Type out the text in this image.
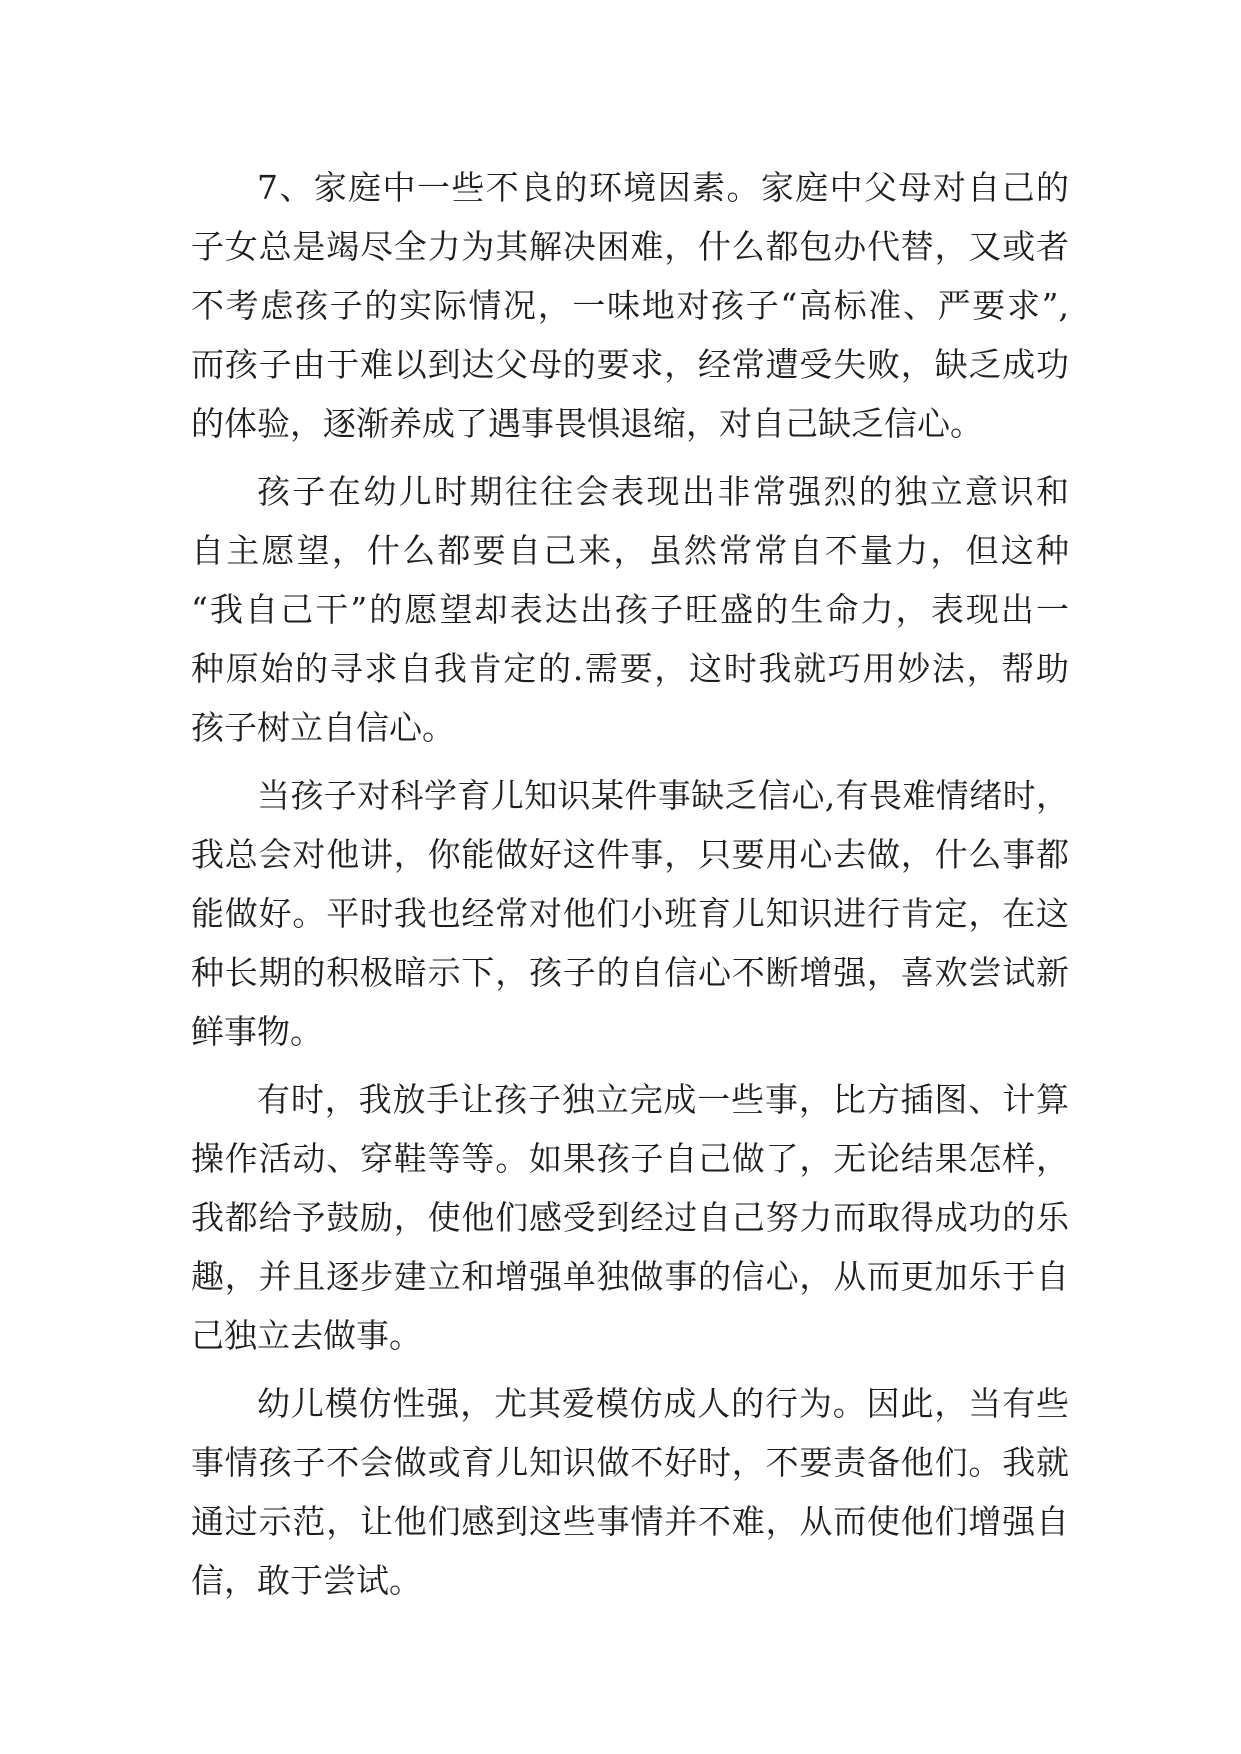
7、家庭中一些不良的环境因素。家庭中父母对自己的
子女总是竭尽全力为其解决困难，什么都包办代替，又或者
不考虑孩子的实际情况，一味地对孩子“高标准、严要求”,
而孩子由于难以到达父母的要求，经常遭受失败，缺乏成功
的体验，逐渐养成了遇事畏惧退缩，对自己缺乏信心。
孩子在幼儿时期往往会表现出非常强烈的独立意识和
自主愿望，什么都要自己来，虽然常常自不量力，但这种
“我自己干”的愿望却表达出孩子旺盛的生命力，表现出一
种原始的寻求自我肯定的.需要，这时我就巧用妙法，帮助
孩子树立自信心。
当孩子对科学育儿知识某件事缺乏信心,有畏难情绪时，
我总会对他讲，你能做好这件事，只要用心去做，什么事都
能做好。平时我也经常对他们小班育儿知识进行肯定，在这
种长期的积极暗示下，孩子的自信心不断增强，喜欢尝试新
鲜事物。
有时，我放手让孩子独立完成一些事，比方插图、计算
操作活动、穿鞋等等。如果孩子自己做了，无论结果怎样，
我都给予鼓励，使他们感受到经过自己努力而取得成功的乐
趣，并且逐步建立和增强单独做事的信心，从而更加乐于自
己独立去做事。
幼儿模仿性强，尤其爱模仿成人的行为。因此，当有些
事情孩子不会做或育儿知识做不好时，不要责备他们。我就
通过示范，让他们感到这些事情并不难，从而使他们增强自
信，敢于尝试。
